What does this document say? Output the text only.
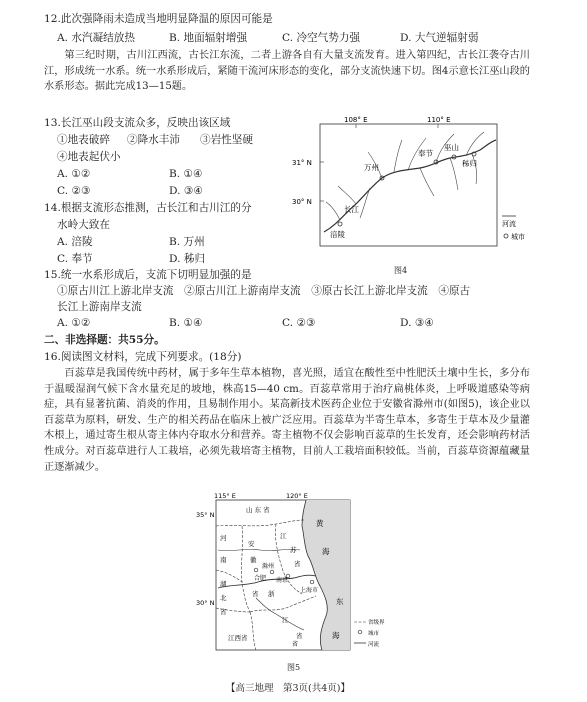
12.此次强降雨未造成当地明显降温的原因可能是
A. 水汽凝结放热	B. 地面辐射增强	C. 冷空气势力强	D. 大气逆辐射弱
第三纪时期，古川江西流，古长江东流，二者上游各自有大量支流发育。进入第四纪，古长江袭夺古川江，形成统一水系。统一水系形成后，紧随干流河床形态的变化，部分支流快速下切。图4示意长江巫山段的水系形态。据此完成13—15题。
13.长江巫山段支流众多，反映出该区域
①地表破碎 ②降水丰沛 ③岩性坚硬
④地表起伏小
A. ①②	B. ①④
C. ②③	D. ③④
14.根据支流形态推测，古长江和古川江的分
水岭大致在
A. 涪陵	B. 万州
C. 奉节	D. 秭归
108° E	110° E
31° N
30° N
万州
奉节
巫山
秭归
涪陵
长江
河流
城市
图4
15.统一水系形成后，支流下切明显加强的是
①原古川江上游北岸支流　②原古川江上游南岸支流　③原古长江上游北岸支流　④原古
长江上游南岸支流
A. ①②	B. ①④	C. ②③	D. ③④
二、非选择题：共55分。
16.阅读图文材料，完成下列要求。(18分)
百蕊草是我国传统中药材，属于多年生草本植物，喜光照，适宜在酸性至中性肥沃土壤中生长，多分布于温暖湿润气候下含水量充足的坡地，株高15—40 cm。百蕊草常用于治疗扁桃体炎，上呼吸道感染等病症，具有显著抗菌、消炎的作用，且易制作用小。某高新技术医药企业位于安徽省滁州市(如图5)，该企业以百蕊草为原料，研发、生产的相关药品在临床上被广泛应用。百蕊草为半寄生草本，多寄生于草本及少量灌木根上，通过寄生根从寄主体内夺取水分和营养。寄主植物不仅会影响百蕊草的生长发育，还会影响药材活性成分。对百蕊草进行人工栽培，必须先栽培寄主植物，目前人工栽培面积较低。当前，百蕊草资源蕴藏量正逐渐减少。
115° E	120° E
35° N
30° N
山 东 省
江
苏
省
安
徽
省 浙
江
省
江西省
河
南
湖
北
省
滁州
合肥 南京
上海市
黄
海
东
海
省
省级界
城市
河流
图5
【高三地理　第3页(共4页)】
